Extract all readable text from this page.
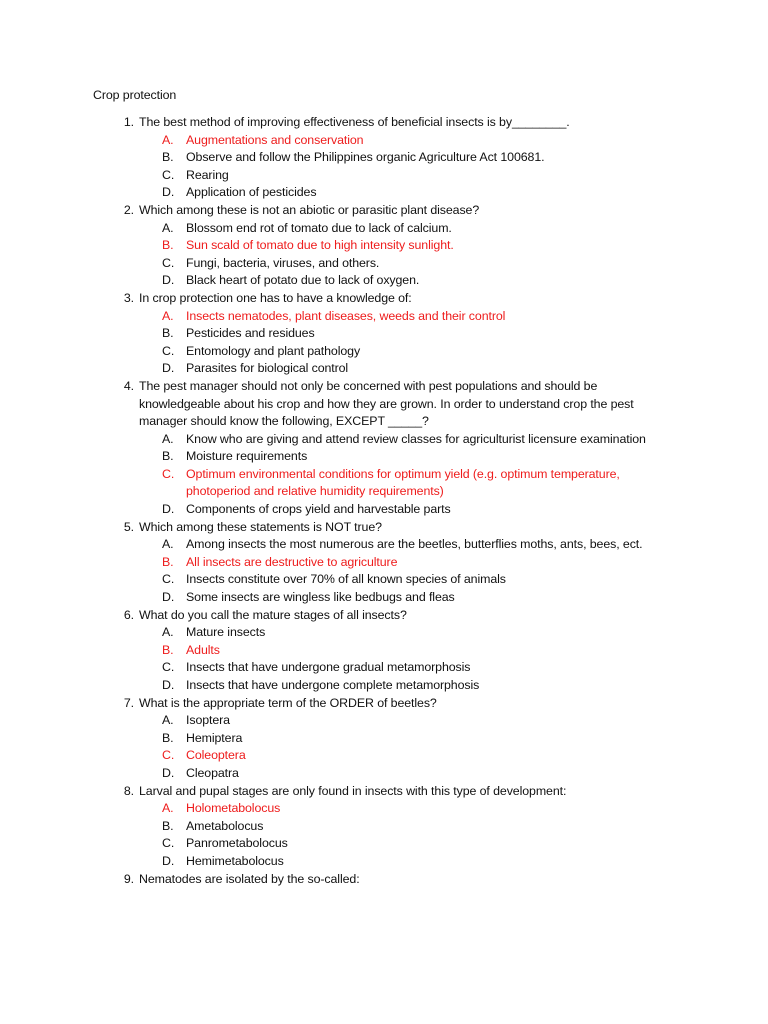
Crop protection
1. The best method of improving effectiveness of beneficial insects is by________.
A.	Augmentations and conservation
B.	Observe and follow the Philippines organic Agriculture Act 100681.
C. Rearing
D. Application of pesticides
2. Which among these is not an abiotic or parasitic plant disease?
A.	Blossom end rot of tomato due to lack of calcium.
B.	Sun scald of tomato due to high intensity sunlight.
C. Fungi, bacteria, viruses, and others.
D. Black heart of potato due to lack of oxygen.
3. In crop protection one has to have a knowledge of:
A.	Insects nematodes, plant diseases, weeds and their control
B.	Pesticides and residues
C. Entomology and plant pathology
D. Parasites for biological control
4. The pest manager should not only be concerned with pest populations and should be knowledgeable about his crop and how they are grown. In order to understand crop the pest manager should know the following, EXCEPT _____?
A.	Know who are giving and attend review classes for agriculturist licensure examination
B.	Moisture requirements
C. Optimum environmental conditions for optimum yield (e.g. optimum temperature, photoperiod and relative humidity requirements)
D. Components of crops yield and harvestable parts
5. Which among these statements is NOT true?
A.	Among insects the most numerous are the beetles, butterflies moths, ants, bees, ect.
B.	All insects are destructive to agriculture
C. Insects constitute over 70% of all known species of animals
D. Some insects are wingless like bedbugs and fleas
6. What do you call the mature stages of all insects?
A.	Mature insects
B.	Adults
C. Insects that have undergone gradual metamorphosis
D. Insects that have undergone complete metamorphosis
7. What is the appropriate term of the ORDER of beetles?
A.	Isoptera
B.	Hemiptera
C. Coleoptera
D. Cleopatra
8. Larval and pupal stages are only found in insects with this type of development:
A.	Holometabolocus
B.	Ametabolocus
C. Panrometabolocus
D. Hemimetabolocus
9. Nematodes are isolated by the so-called:
